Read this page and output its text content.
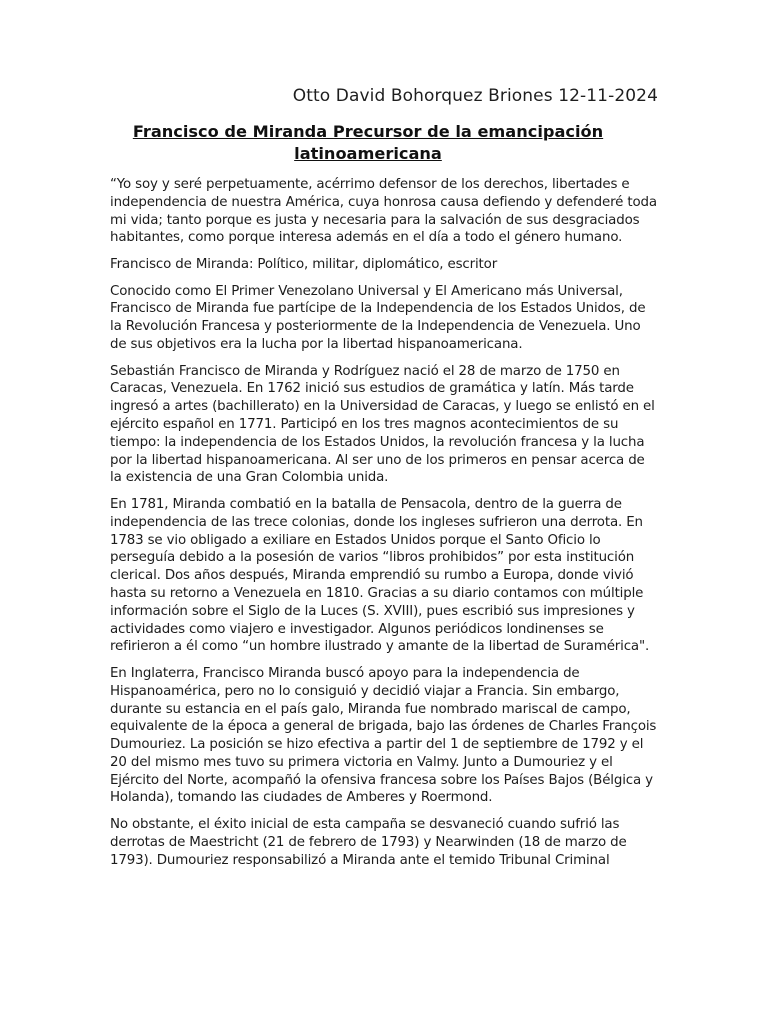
Otto David Bohorquez Briones 12-11-2024
Francisco de Miranda Precursor de la emancipación latinoamericana

“Yo soy y seré perpetuamente, acérrimo defensor de los derechos, libertades e independencia de nuestra América, cuya honrosa causa defiendo y defenderé toda mi vida; tanto porque es justa y necesaria para la salvación de sus desgraciados habitantes, como porque interesa además en el día a todo el género humano.

Francisco de Miranda: Político, militar, diplomático, escritor

Conocido como El Primer Venezolano Universal y El Americano más Universal, Francisco de Miranda fue partícipe de la Independencia de los Estados Unidos, de la Revolución Francesa y posteriormente de la Independencia de Venezuela. Uno de sus objetivos era la lucha por la libertad hispanoamericana.

Sebastián Francisco de Miranda y Rodríguez nació el 28 de marzo de 1750 en Caracas, Venezuela. En 1762 inició sus estudios de gramática y latín. Más tarde ingresó a artes (bachillerato) en la Universidad de Caracas, y luego se enlistó en el ejército español en 1771. Participó en los tres magnos acontecimientos de su tiempo: la independencia de los Estados Unidos, la revolución francesa y la lucha por la libertad hispanoamericana. Al ser uno de los primeros en pensar acerca de la existencia de una Gran Colombia unida.

En 1781, Miranda combatió en la batalla de Pensacola, dentro de la guerra de independencia de las trece colonias, donde los ingleses sufrieron una derrota. En 1783 se vio obligado a exiliare en Estados Unidos porque el Santo Oficio lo perseguía debido a la posesión de varios “libros prohibidos” por esta institución clerical. Dos años después, Miranda emprendió su rumbo a Europa, donde vivió hasta su retorno a Venezuela en 1810. Gracias a su diario contamos con múltiple información sobre el Siglo de la Luces (S. XVIII), pues escribió sus impresiones y actividades como viajero e investigador. Algunos periódicos londinenses se refirieron a él como “un hombre ilustrado y amante de la libertad de Suramérica".

En Inglaterra, Francisco Miranda buscó apoyo para la independencia de Hispanoamérica, pero no lo consiguió y decidió viajar a Francia. Sin embargo, durante su estancia en el país galo, Miranda fue nombrado mariscal de campo, equivalente de la época a general de brigada, bajo las órdenes de Charles François Dumouriez. La posición se hizo efectiva a partir del 1 de septiembre de 1792 y el 20 del mismo mes tuvo su primera victoria en Valmy. Junto a Dumouriez y el Ejército del Norte, acompañó la ofensiva francesa sobre los Países Bajos (Bélgica y Holanda), tomando las ciudades de Amberes y Roermond.

No obstante, el éxito inicial de esta campaña se desvaneció cuando sufrió las derrotas de Maestricht (21 de febrero de 1793) y Nearwinden (18 de marzo de 1793). Dumouriez responsabilizó a Miranda ante el temido Tribunal Criminal
